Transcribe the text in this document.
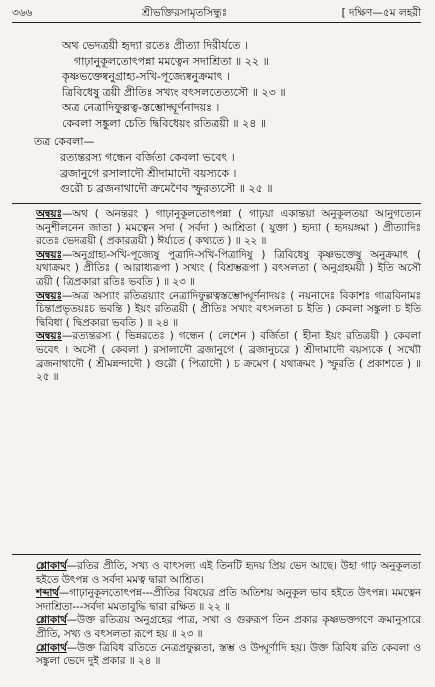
৩৬৬	শ্রীভক্তিরসামৃতসিন্ধুঃ	[ দক্ষিণ—৫ম লহরী
অথ ভেদত্রয়ী হৃদ্যা রতেঃ প্রীত্যা দিরীর্যতে ।
গাঢ়ানুকূলতোৎপন্না মমত্বেন সদাশ্রিতা ॥ ২২ ॥
কৃষ্ণভক্তেষ্বনুগ্রাহ্য-সখি-পূজ্যেষ্বনুক্রমাৎ ।
ত্রিবিধেষু ত্রয়ী প্রীতিঃ সখ্যং বৎসলতেত্যসৌ ॥ ২৩ ॥
অত্র নেত্রাদিফুল্লত্ব-স্তম্ভোদ্ঘূর্ণনাদয়ঃ ।
কেবলা সঙ্কুলা চেতি দ্বিবিধেয়ং রতিত্রয়ী ॥ ২৪ ॥
তত্র কেবলা—
রত্যন্তরস্য গন্ধেন বর্জিতা কেবলা ভবেৎ ।
ব্রজানুগে রসালাদৌ শ্রীদামাদৌ বয়স্যকে ।
গুরৌ চ ব্রজনাথাদৌ ক্রমেণৈব স্ফুরত্যসৌ ॥ ২৫ ॥

অন্বয়ঃ—অথ ( অনন্তরং ) গাঢ়ানুকূলতোৎপন্না ( গাঢ়য়া একান্তয়া অনুকূলতয়া আনুগত্যেন অনুশীলনেন জাতা ) মমত্বেন সদা ( সর্বদা ) আশ্রিতা ( যুক্তা ) হৃদ্যা ( হৃদয়ঙ্গমা ) প্রীত্যাদিঃ রতেঃ ভেদত্রয়ী ( প্রকারত্রয়ী ) ঈর্য্যতে ( কথ্যতে ) ॥ ২২ ॥

অন্বয়ঃ—অনুগ্রাহ্য-সখি-পূজ্যেষু পুত্রাদি-সখি-পিত্রাদিষু ) ত্রিবিধেষু কৃষ্ণভক্তেষু অনুক্রমাৎ ( যথাক্রমং ) প্রীতিঃ ( আরাধ্যরূপা ) সখ্যং ( বিশ্রম্ভরূপা ) বৎসলতা ( অনুগ্রহময়ী ) ইতি অসৌ ত্রয়ী ( ত্রিপ্রকারা রতিঃ ভবতি ) ॥ ২৩ ॥

অন্বয়ঃ—অত্র অস্যাং রতিত্রয়্যাং নেত্রাদিফুল্লত্বস্তম্ভোদ্ঘূর্ণনাদয়ঃ ( নয়নাদেঃ বিকাশঃ গাত্রবিনামঃ চিন্তাপ্রভৃতয়ঃচ ভবন্তি ) ইয়ং রতিত্রয়ী ( প্রীতিঃ সখ্যং বৎসলতা চ ইতি ) কেবলা সঙ্কুলা চ ইতি দ্বিবিধা ( দ্বিপ্রকারা ভবতি ) ॥ ২৪ ॥

অন্বয়ঃ—রত্যন্তরস্য ( ভিন্নরতেঃ ) গন্ধেন ( লেশেন ) বর্জিতা ( হীনা ইয়ং রতিত্রয়ী ) কেবলা ভবেৎ । অসৌ ( কেবলা ) রসালাদৌ ব্রজানুগে ( ব্রজানুচরে ) শ্রীদামাদৌ বয়স্যকে ( সখ্যৌ ব্রজনাথাদৌ ( শ্রীমন্নন্দাদৌ ) গুরৌ ( পিত্রাদৌ ) চ ক্রমেণ ( যথাক্রমং ) স্ফুরতি ( প্রকাশতে ) ॥ ২৫ ॥

শ্লোকার্থ—রতির প্রীতি, সখ্য ও বাৎসল্য এই তিনটি হৃদয় প্রিয় ভেদ আছে। উহা গাঢ় অনুকূলতা হইতে উৎপন্ন ও সর্বদা মমত্ব দ্বারা আশ্রিত।

শব্দার্থ—গাঢ়ানুকূলতোৎপন্ন---প্রীতির বিষয়ের প্রতি অতিশয় অনুকূল ভাব হইতে উৎপন্ন। মমত্বেন সদাশ্রিতা---সর্বদা মমতাবুদ্ধি দ্বারা রক্ষিত ॥ ২২ ॥

শ্লোকার্থ—উক্ত রতিত্রয় অনুগ্রহের পাত্র, সখা ও গুরুরূপ তিন প্রকার কৃষ্ণভক্তগণে ক্রমানুসারে প্রীতি, সখ্য ও বৎসলতা রূপে হয় ॥ ২৩ ॥

শ্লোকার্থ—উক্ত ত্রিবিধ রতিতে নেত্রপ্রফুল্লতা, স্তম্ভ ও উদ্ঘূর্ণাদি হয়। উক্ত ত্রিবিধ রতি কেবলা ও সঙ্কুলা ভেদে দুই প্রকার ॥ ২৪ ॥
